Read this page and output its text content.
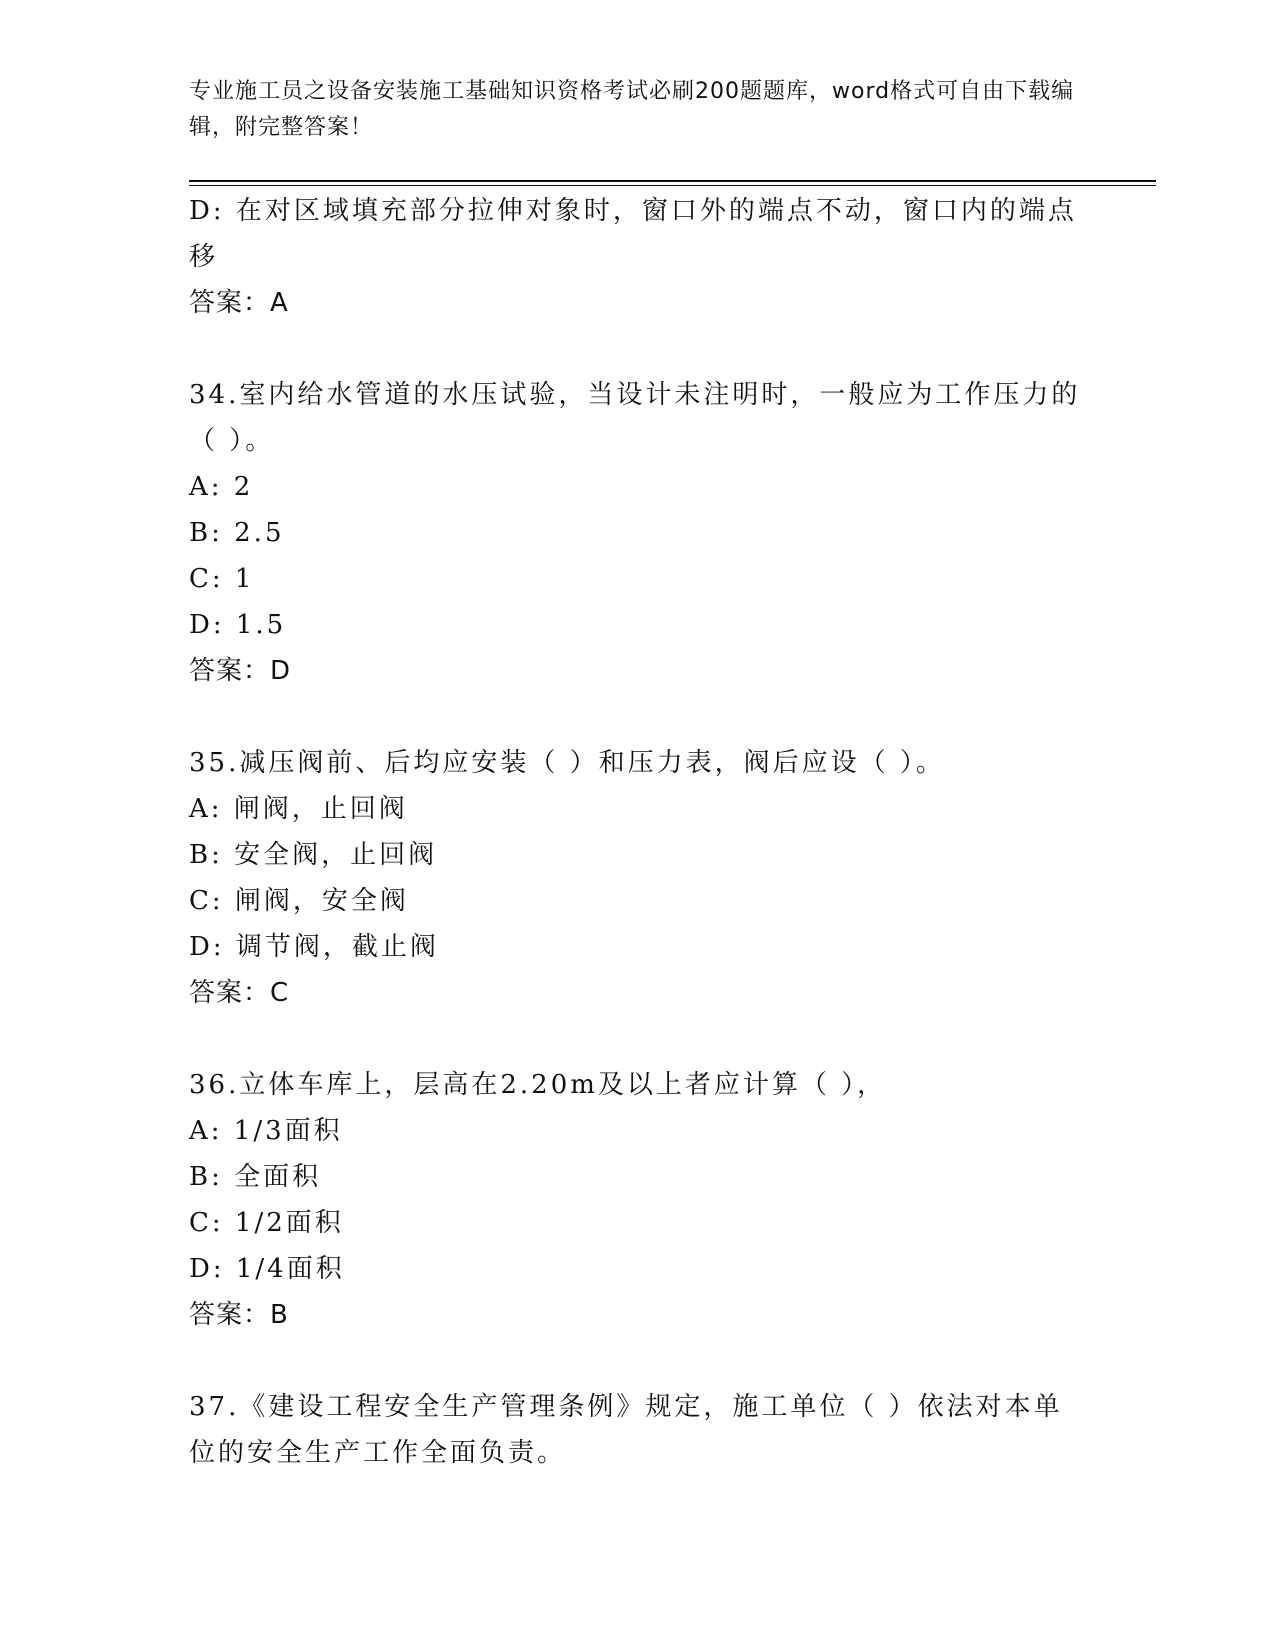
专业施工员之设备安装施工基础知识资格考试必刷200题题库，word格式可自由下载编辑，附完整答案！
D: 在对区域填充部分拉伸对象时，窗口外的端点不动，窗口内的端点
移
答案：A
34.室内给水管道的水压试验，当设计未注明时，一般应为工作压力的
（ ）。
A: 2
B: 2.5
C: 1
D: 1.5
答案：D
35.减压阀前、后均应安装（ ）和压力表，阀后应设（ ）。
A: 闸阀，止回阀
B: 安全阀，止回阀
C: 闸阀，安全阀
D: 调节阀，截止阀
答案：C
36.立体车库上，层高在2.20m及以上者应计算（ ），
A: 1/3面积
B: 全面积
C: 1/2面积
D: 1/4面积
答案：B
37.《建设工程安全生产管理条例》规定，施工单位（ ）依法对本单
位的安全生产工作全面负责。
